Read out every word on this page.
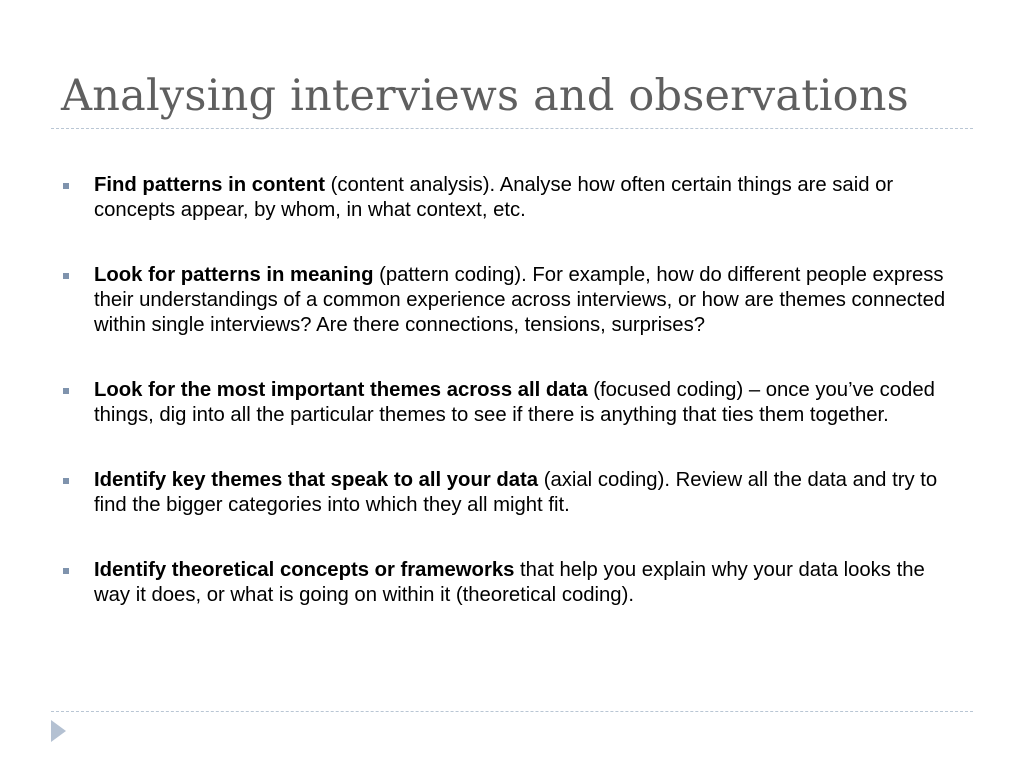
Analysing interviews and observations
Find patterns in content (content analysis). Analyse how often certain things are said or concepts appear, by whom, in what context, etc.
Look for patterns in meaning (pattern coding). For example, how do different people express their understandings of a common experience across interviews, or how are themes connected within single interviews? Are there connections, tensions, surprises?
Look for the most important themes across all data (focused coding) – once you’ve coded things, dig into all the particular themes to see if there is anything that ties them together.
Identify key themes that speak to all your data (axial coding). Review all the data and try to find the bigger categories into which they all might fit.
Identify theoretical concepts or frameworks that help you explain why your data looks the way it does, or what is going on within it (theoretical coding).
